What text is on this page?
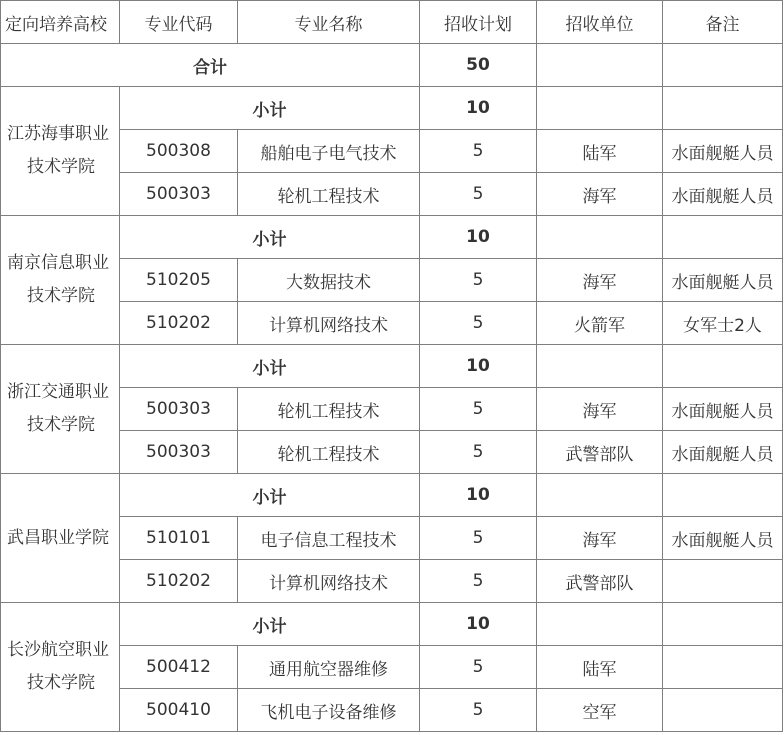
定向培养高校	专业代码	专业名称	招收计划	招收单位	备注
合计			50		

江苏海事职业
技术学院	小计		10		
	500308	船舶电子电气技术	5	陆军	水面舰艇人员
	500303	轮机工程技术	5	海军	水面舰艇人员

南京信息职业
技术学院	小计		10		
	510205	大数据技术	5	海军	水面舰艇人员
	510202	计算机网络技术	5	火箭军	女军士2人

浙江交通职业
技术学院	小计		10		
	500303	轮机工程技术	5	海军	水面舰艇人员
	500303	轮机工程技术	5	武警部队	水面舰艇人员

武昌职业学院	小计		10		
	510101	电子信息工程技术	5	海军	水面舰艇人员
	510202	计算机网络技术	5	武警部队	

长沙航空职业
技术学院	小计		10		
	500412	通用航空器维修	5	陆军	
	500410	飞机电子设备维修	5	空军	
